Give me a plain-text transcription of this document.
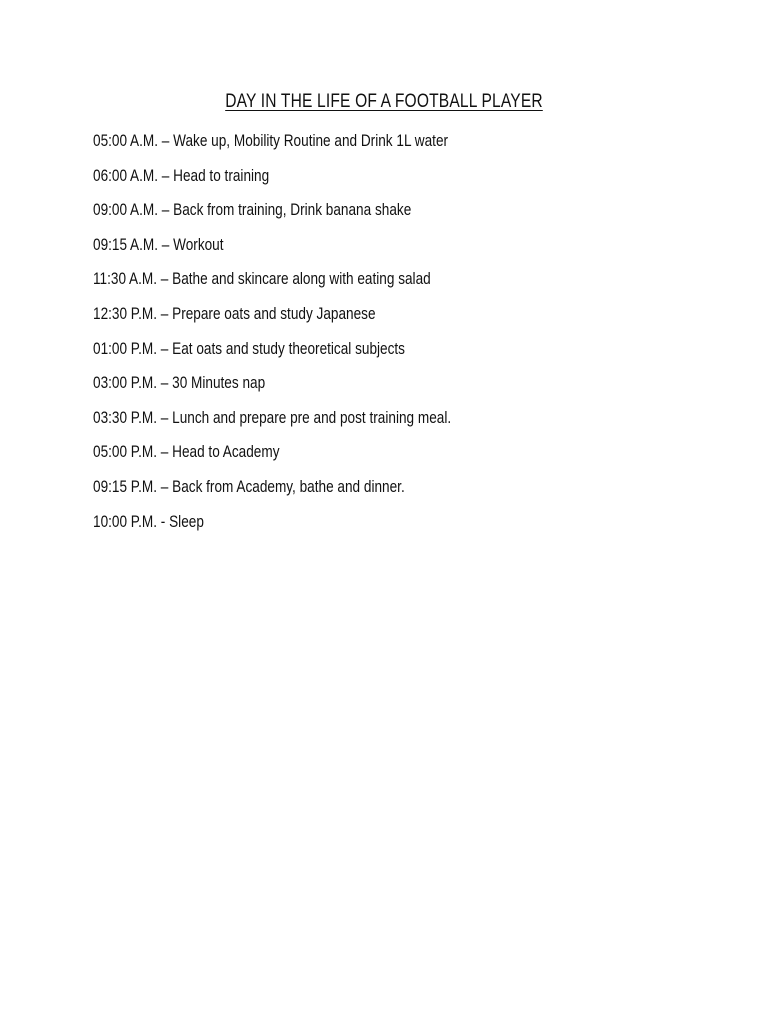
DAY IN THE LIFE OF A FOOTBALL PLAYER
05:00 A.M. – Wake up, Mobility Routine and Drink 1L water
06:00 A.M. – Head to training
09:00 A.M. – Back from training, Drink banana shake
09:15 A.M. – Workout
11:30 A.M. – Bathe and skincare along with eating salad
12:30 P.M. – Prepare oats and study Japanese
01:00 P.M. – Eat oats and study theoretical subjects
03:00 P.M. – 30 Minutes nap
03:30 P.M. – Lunch and prepare pre and post training meal.
05:00 P.M. – Head to Academy
09:15 P.M. – Back from Academy, bathe and dinner.
10:00 P.M. - Sleep
